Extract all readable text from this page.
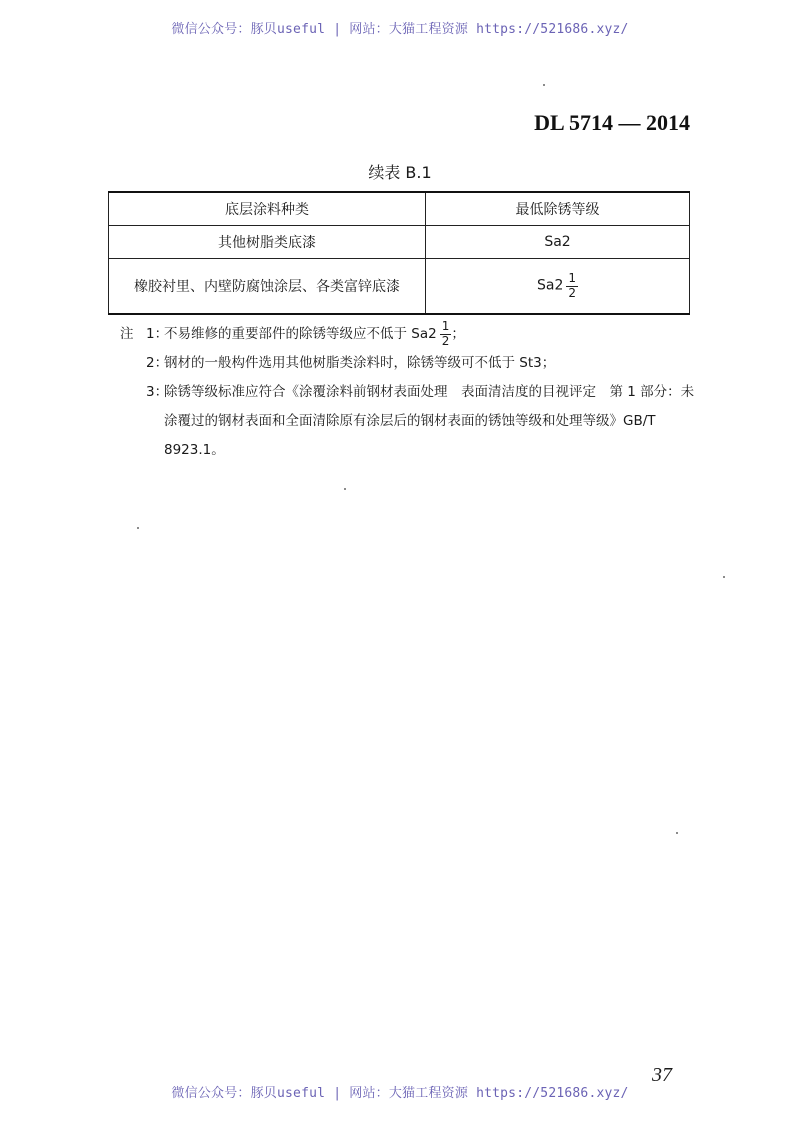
微信公众号：豚贝useful | 网站：大猫工程资源 https://521686.xyz/
DL 5714 — 2014
续表 B.1
底层涂料种类	最低除锈等级
其他树脂类底漆	Sa2
橡胶衬里、内壁防腐蚀涂层、各类富锌底漆	$Sa2 \frac{1}{2}$
注 1：
不易维修的重要部件的除锈等级应不低于 $Sa2 \frac{1}{2}$ ；
2：
钢材的一般构件选用其他树脂类涂料时，除锈等级可不低于 St3；
3：
除锈等级标准应符合《涂覆涂料前钢材表面处理　表面清洁度的目视评定　第 1 部分：未涂覆过的钢材表面和全面清除原有涂层后的钢材表面的锈蚀等级和处理等级》GB/T 8923.1。
37
微信公众号：豚贝useful | 网站：大猫工程资源 https://521686.xyz/
